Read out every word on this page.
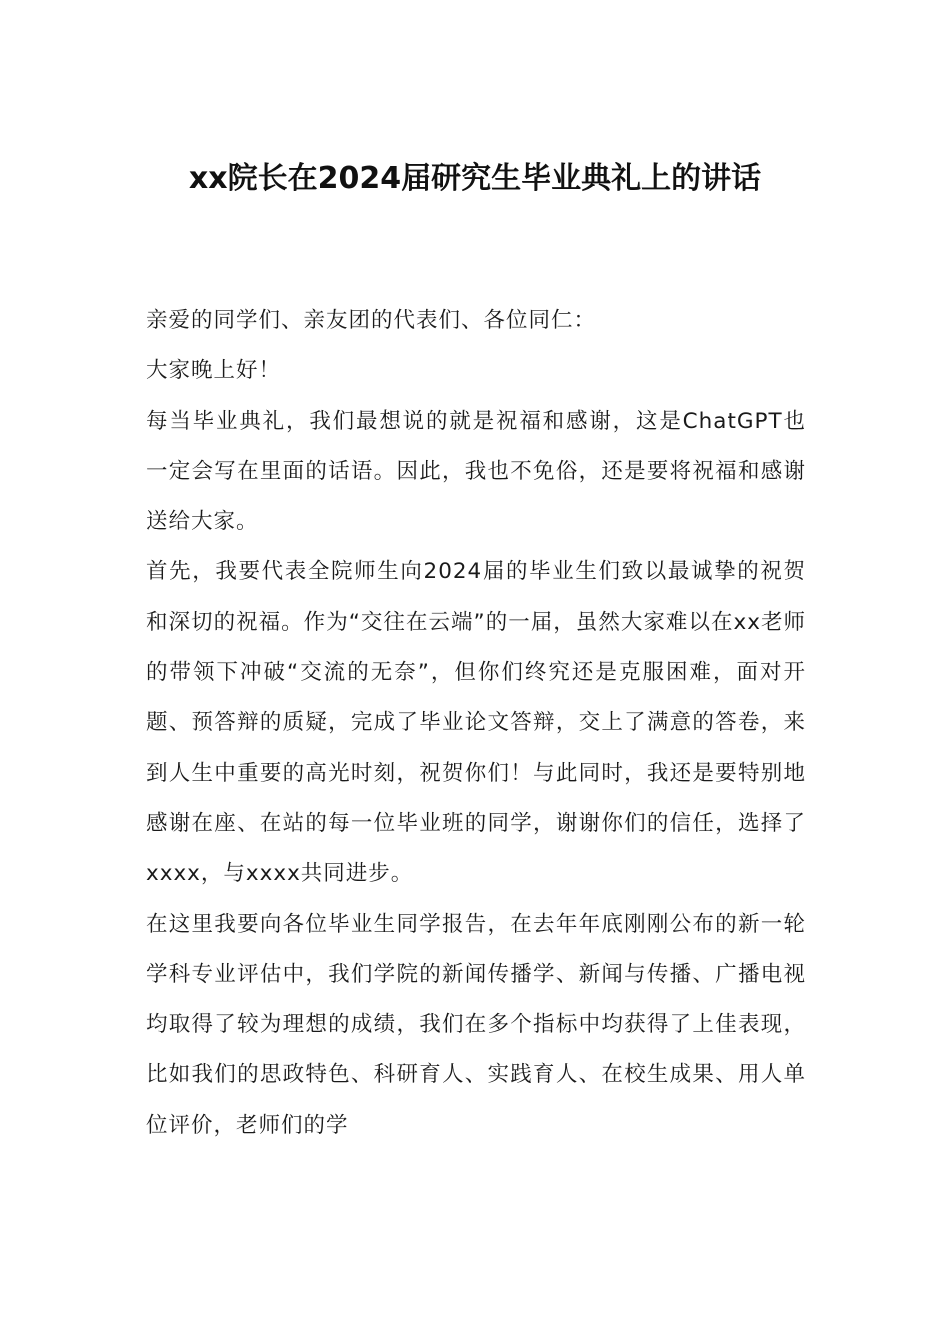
xx院长在2024届研究生毕业典礼上的讲话

亲爱的同学们、亲友团的代表们、各位同仁：

大家晚上好！

每当毕业典礼，我们最想说的就是祝福和感谢，这是ChatGPT也一定会写在里面的话语。因此，我也不免俗，还是要将祝福和感谢送给大家。

首先，我要代表全院师生向2024届的毕业生们致以最诚挚的祝贺和深切的祝福。作为“交往在云端”的一届，虽然大家难以在xx老师的带领下冲破“交流的无奈”，但你们终究还是克服困难，面对开题、预答辩的质疑，完成了毕业论文答辩，交上了满意的答卷，来到人生中重要的高光时刻，祝贺你们！与此同时，我还是要特别地感谢在座、在站的每一位毕业班的同学，谢谢你们的信任，选择了xxxx，与xxxx共同进步。

在这里我要向各位毕业生同学报告，在去年年底刚刚公布的新一轮学科专业评估中，我们学院的新闻传播学、新闻与传播、广播电视均取得了较为理想的成绩，我们在多个指标中均获得了上佳表现，比如我们的思政特色、科研育人、实践育人、在校生成果、用人单位评价，老师们的学
